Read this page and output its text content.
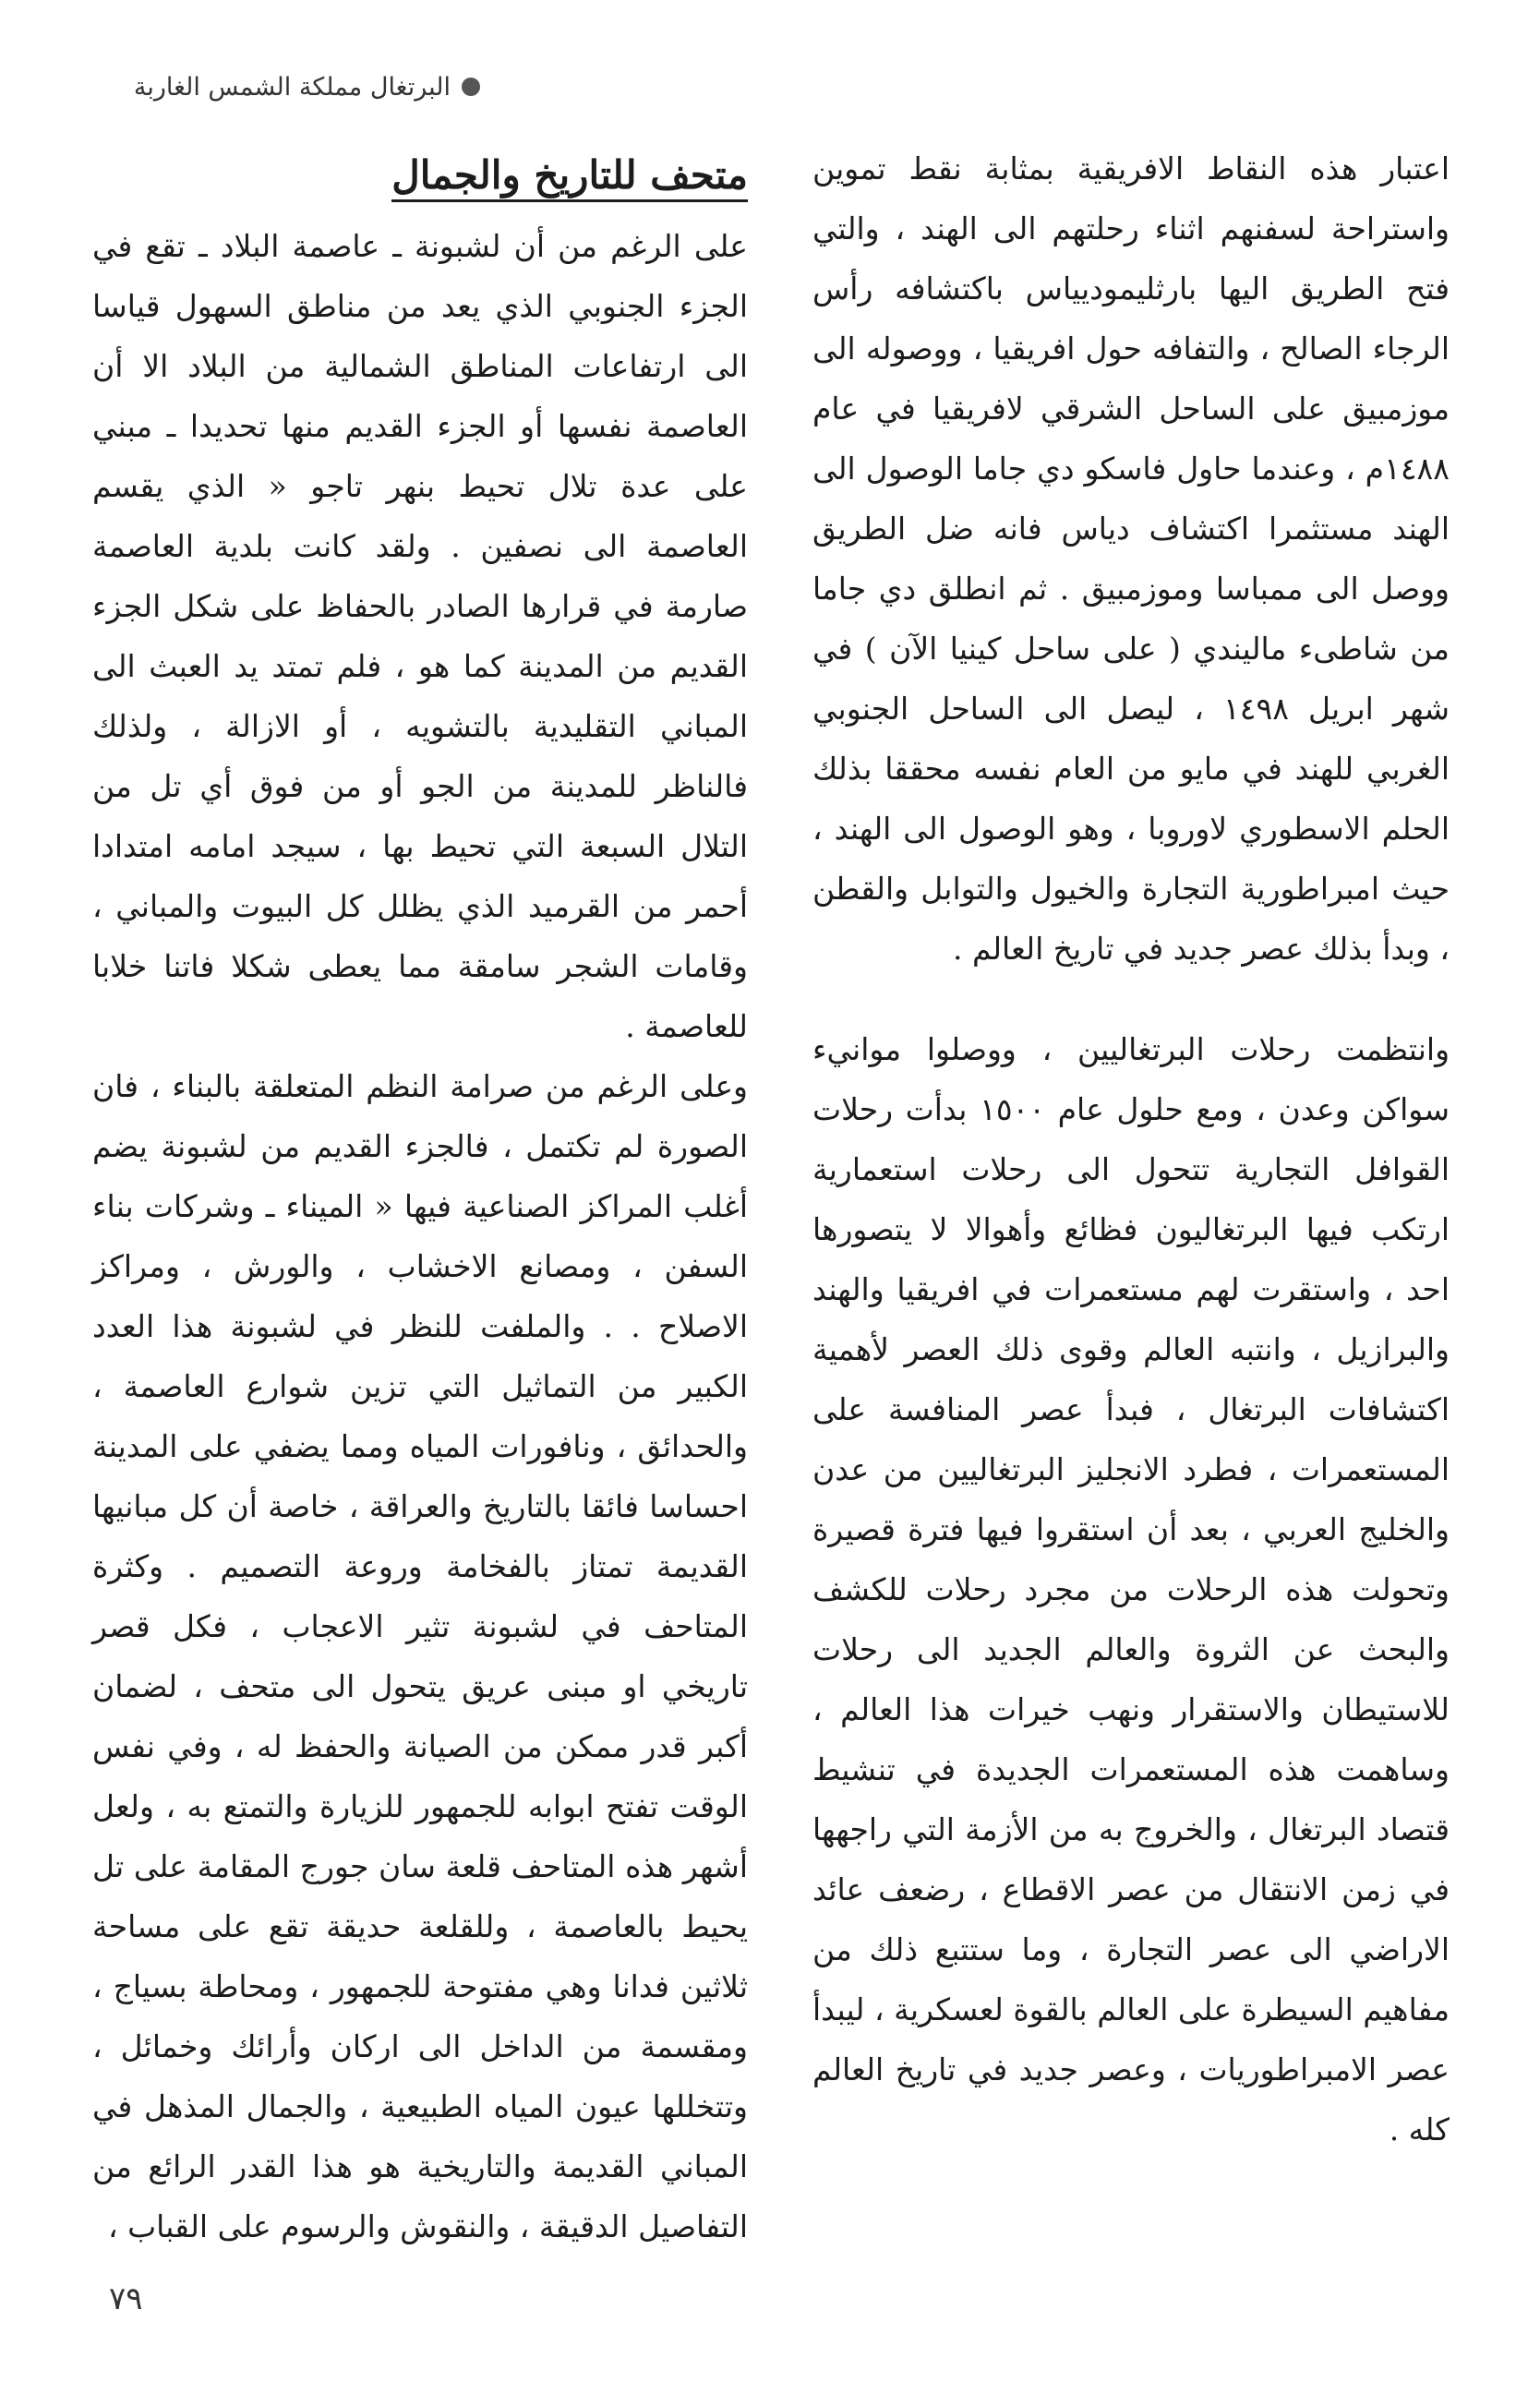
البرتغال مملكة الشمس الغاربة

اعتبار هذه النقاط الافريقية بمثابة نقط تموين واستراحة لسفنهم اثناء رحلتهم الى الهند ، والتي فتح الطريق اليها بارثليموديياس باكتشافه رأس الرجاء الصالح ، والتفافه حول افريقيا ، ووصوله الى موزمبيق على الساحل الشرقي لافريقيا في عام ١٤٨٨م ، وعندما حاول فاسكو دي جاما الوصول الى الهند مستثمرا اكتشاف دياس فانه ضل الطريق ووصل الى ممباسا وموزمبيق . ثم انطلق دي جاما من شاطىء ماليندي ( على ساحل كينيا الآن ) في شهر ابريل ١٤٩٨ ، ليصل الى الساحل الجنوبي الغربي للهند في مايو من العام نفسه محققا بذلك الحلم الاسطوري لاوروبا ، وهو الوصول الى الهند ، حيث امبراطورية التجارة والخيول والتوابل والقطن ، وبدأ بذلك عصر جديد في تاريخ العالم .

وانتظمت رحلات البرتغاليين ، ووصلوا موانيء سواكن وعدن ، ومع حلول عام ١٥٠٠ بدأت رحلات القوافل التجارية تتحول الى رحلات استعمارية ارتكب فيها البرتغاليون فظائع وأهوالا لا يتصورها احد ، واستقرت لهم مستعمرات في افريقيا والهند والبرازيل ، وانتبه العالم وقوى ذلك العصر لأهمية اكتشافات البرتغال ، فبدأ عصر المنافسة على المستعمرات ، فطرد الانجليز البرتغاليين من عدن والخليج العربي ، بعد أن استقروا فيها فترة قصيرة وتحولت هذه الرحلات من مجرد رحلات للكشف والبحث عن الثروة والعالم الجديد الى رحلات للاستيطان والاستقرار ونهب خيرات هذا العالم ، وساهمت هذه المستعمرات الجديدة في تنشيط قتصاد البرتغال ، والخروج به من الأزمة التي راجهها في زمن الانتقال من عصر الاقطاع ، رضعف عائد الاراضي الى عصر التجارة ، وما ستتبع ذلك من مفاهيم السيطرة على العالم بالقوة لعسكرية ، ليبدأ عصر الامبراطوريات ، وعصر جديد في تاريخ العالم كله .

متحف للتاريخ والجمال

على الرغم من أن لشبونة ـ عاصمة البلاد ـ تقع في الجزء الجنوبي الذي يعد من مناطق السهول قياسا الى ارتفاعات المناطق الشمالية من البلاد الا أن العاصمة نفسها أو الجزء القديم منها تحديدا ـ مبني على عدة تلال تحيط بنهر تاجو « الذي يقسم العاصمة الى نصفين . ولقد كانت بلدية العاصمة صارمة في قرارها الصادر بالحفاظ على شكل الجزء القديم من المدينة كما هو ، فلم تمتد يد العبث الى المباني التقليدية بالتشويه ، أو الازالة ، ولذلك فالناظر للمدينة من الجو أو من فوق أي تل من التلال السبعة التي تحيط بها ، سيجد امامه امتدادا أحمر من القرميد الذي يظلل كل البيوت والمباني ، وقامات الشجر سامقة مما يعطى شكلا فاتنا خلابا للعاصمة .

وعلى الرغم من صرامة النظم المتعلقة بالبناء ، فان الصورة لم تكتمل ، فالجزء القديم من لشبونة يضم أغلب المراكز الصناعية فيها « الميناء ـ وشركات بناء السفن ، ومصانع الاخشاب ، والورش ، ومراكز الاصلاح . . والملفت للنظر في لشبونة هذا العدد الكبير من التماثيل التي تزين شوارع العاصمة ، والحدائق ، ونافورات المياه ومما يضفي على المدينة احساسا فائقا بالتاريخ والعراقة ، خاصة أن كل مبانيها القديمة تمتاز بالفخامة وروعة التصميم . وكثرة المتاحف في لشبونة تثير الاعجاب ، فكل قصر تاريخي او مبنى عريق يتحول الى متحف ، لضمان أكبر قدر ممكن من الصيانة والحفظ له ، وفي نفس الوقت تفتح ابوابه للجمهور للزيارة والتمتع به ، ولعل أشهر هذه المتاحف قلعة سان جورج المقامة على تل يحيط بالعاصمة ، وللقلعة حديقة تقع على مساحة ثلاثين فدانا وهي مفتوحة للجمهور ، ومحاطة بسياج ، ومقسمة من الداخل الى اركان وأرائك وخمائل ، وتتخللها عيون المياه الطبيعية ، والجمال المذهل في المباني القديمة والتاريخية هو هذا القدر الرائع من التفاصيل الدقيقة ، والنقوش والرسوم على القباب ،

٧٩
